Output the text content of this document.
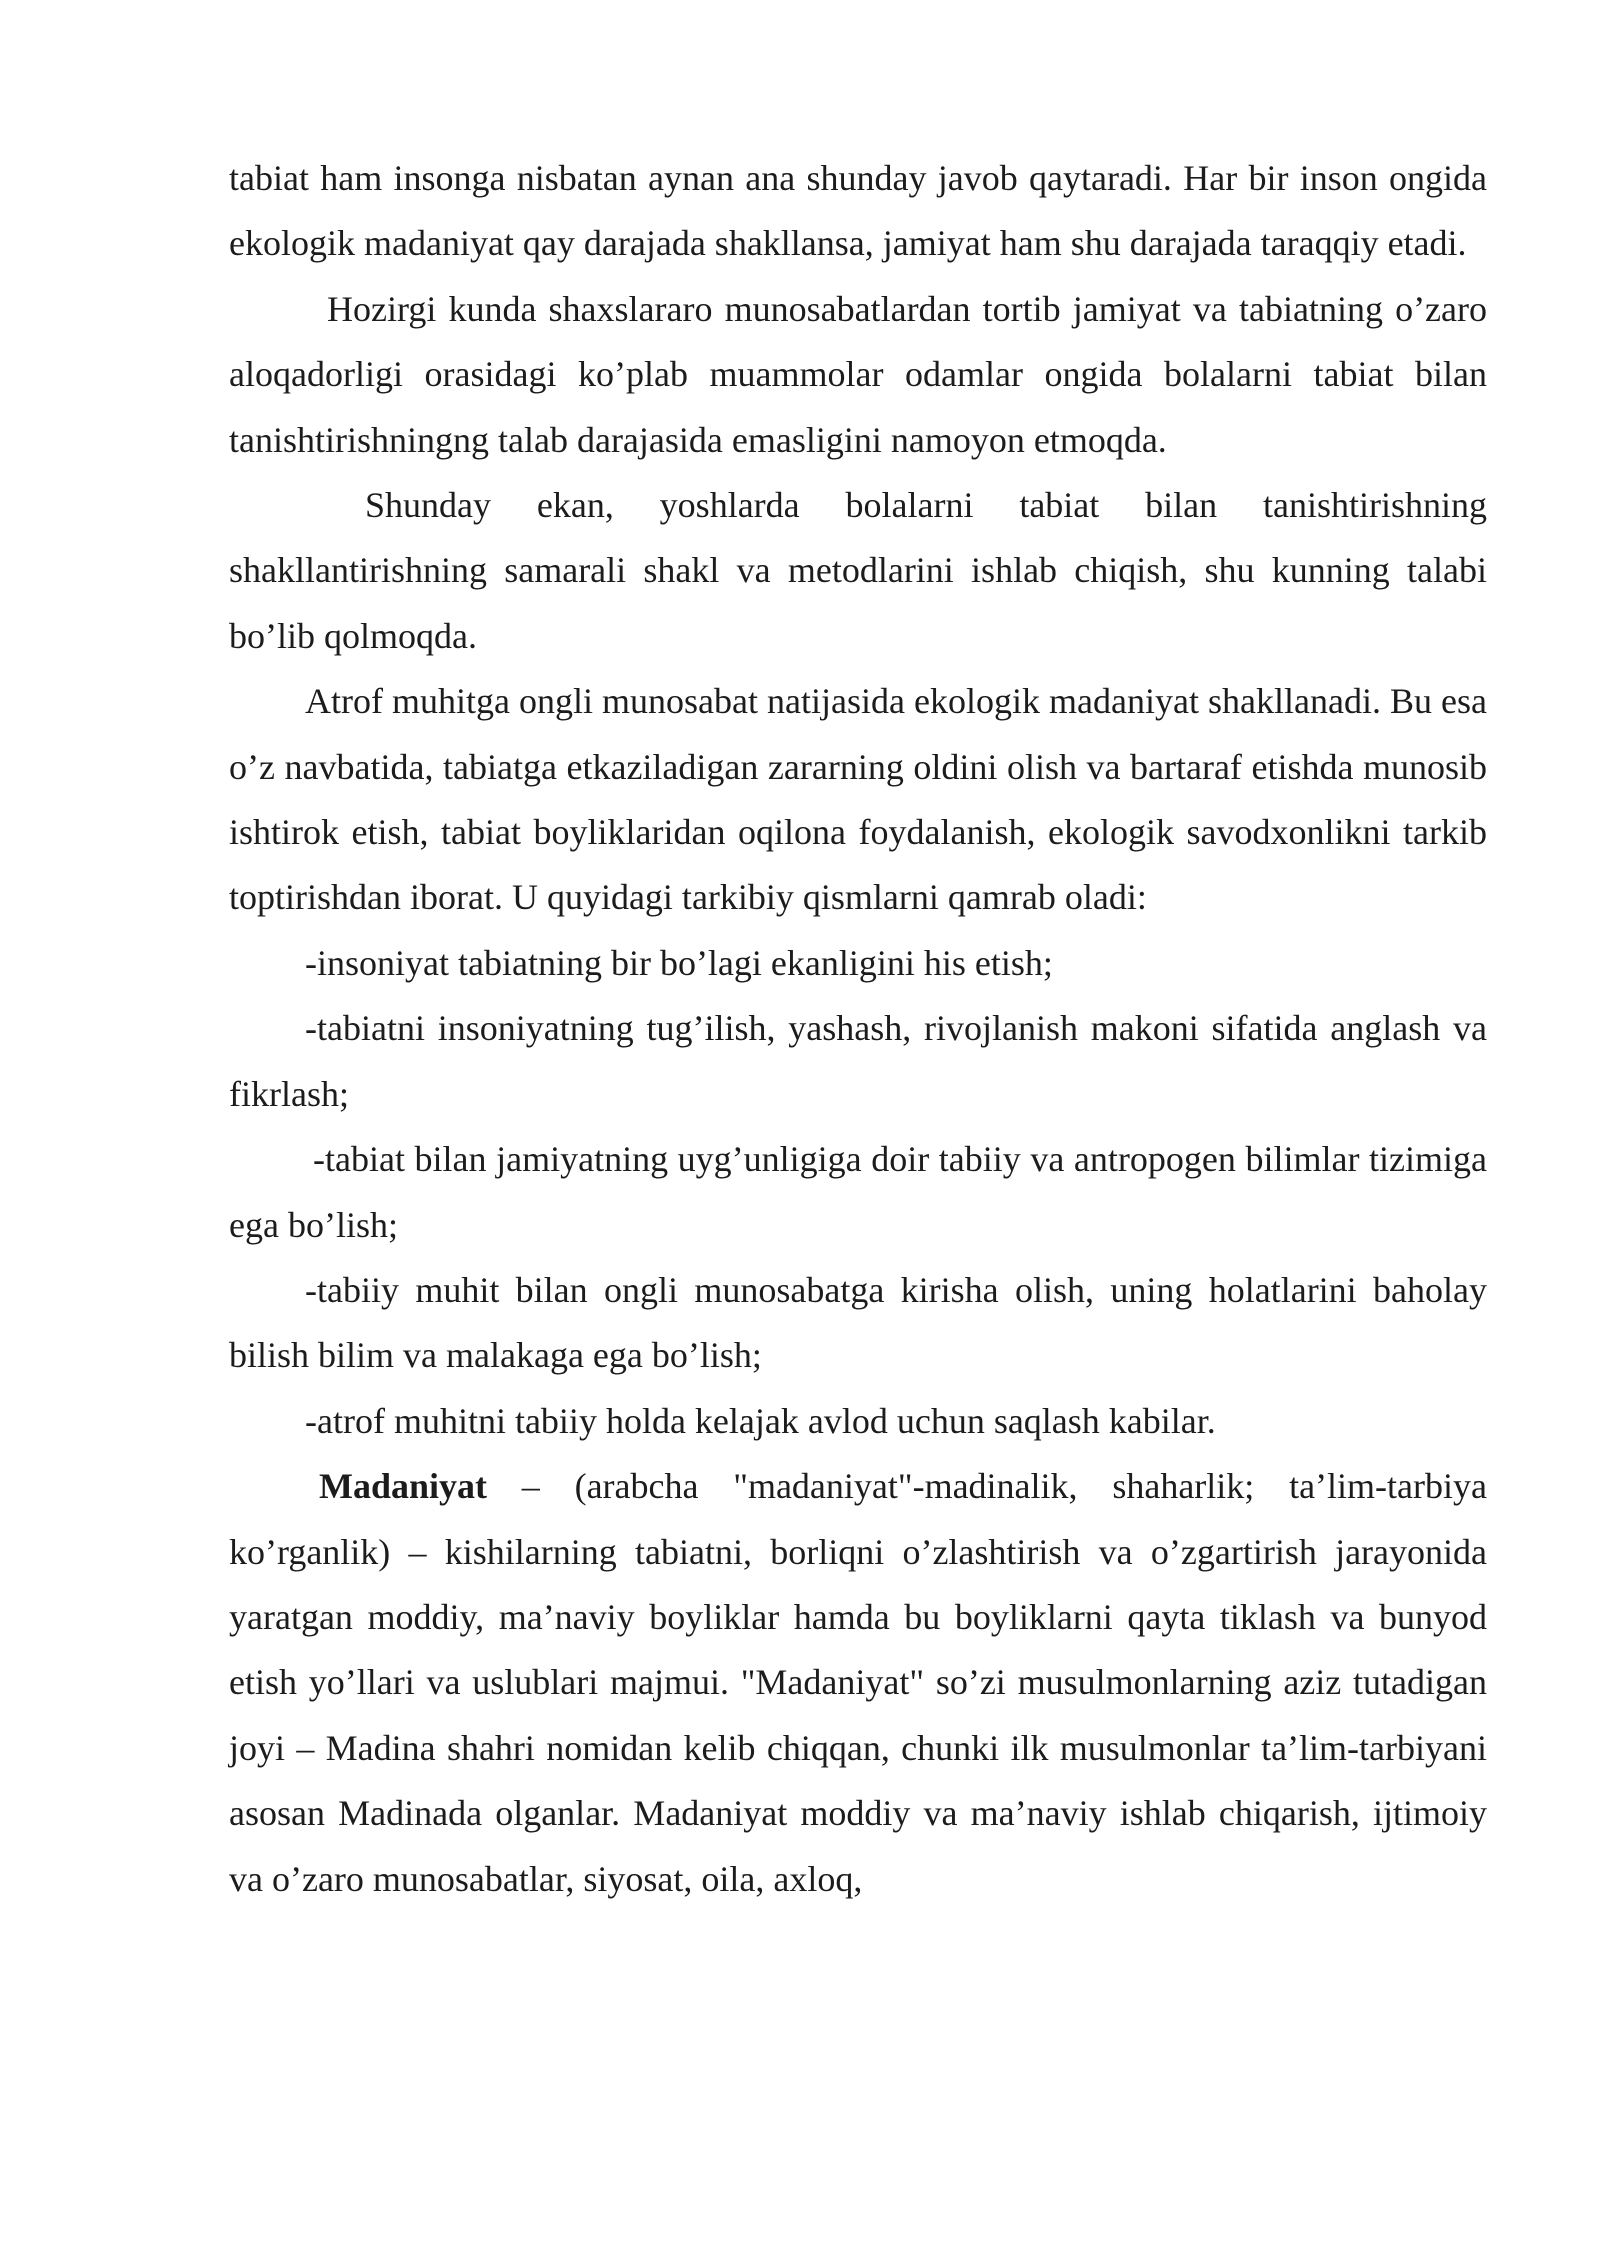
tabiat ham insonga nisbatan aynan ana shunday javob qaytaradi. Har bir inson ongida ekologik madaniyat qay darajada shakllansa, jamiyat ham shu darajada taraqqiy etadi.

Hozirgi kunda shaxslararo munosabatlardan tortib jamiyat va tabiatning o’zaro aloqadorligi orasidagi ko’plab muammolar odamlar ongida bolalarni tabiat bilan tanishtirishningng talab darajasida emasligini namoyon etmoqda.

Shunday ekan, yoshlarda bolalarni tabiat bilan tanishtirishning shakllantirishning samarali shakl va metodlarini ishlab chiqish, shu kunning talabi bo’lib qolmoqda.

Atrof muhitga ongli munosabat natijasida ekologik madaniyat shakllanadi. Bu esa o’z navbatida, tabiatga etkaziladigan zararning oldini olish va bartaraf etishda munosib ishtirok etish, tabiat boyliklaridan oqilona foydalanish, ekologik savodxonlikni tarkib toptirishdan iborat. U quyidagi tarkibiy qismlarni qamrab oladi:

-insoniyat tabiatning bir bo’lagi ekanligini his etish;

-tabiatni insoniyatning tug’ilish, yashash, rivojlanish makoni sifatida anglash va fikrlash;

-tabiat bilan jamiyatning uyg’unligiga doir tabiiy va antropogen bilimlar tizimiga ega bo’lish;

-tabiiy muhit bilan ongli munosabatga kirisha olish, uning holatlarini baholay bilish bilim va malakaga ega bo’lish;

-atrof muhitni tabiiy holda kelajak avlod uchun saqlash kabilar.

Madaniyat – (arabcha "madaniyat"-madinalik, shaharlik; ta’lim-tarbiya ko’rganlik) – kishilarning tabiatni, borliqni o’zlashtirish va o’zgartirish jarayonida yaratgan moddiy, ma’naviy boyliklar hamda bu boyliklarni qayta tiklash va bunyod etish yo’llari va uslublari majmui. "Madaniyat" so’zi musulmonlarning aziz tutadigan joyi – Madina shahri nomidan kelib chiqqan, chunki ilk musulmonlar ta’lim-tarbiyani asosan Madinada olganlar. Madaniyat moddiy va ma’naviy ishlab chiqarish, ijtimoiy va o’zaro munosabatlar, siyosat, oila, axloq,
